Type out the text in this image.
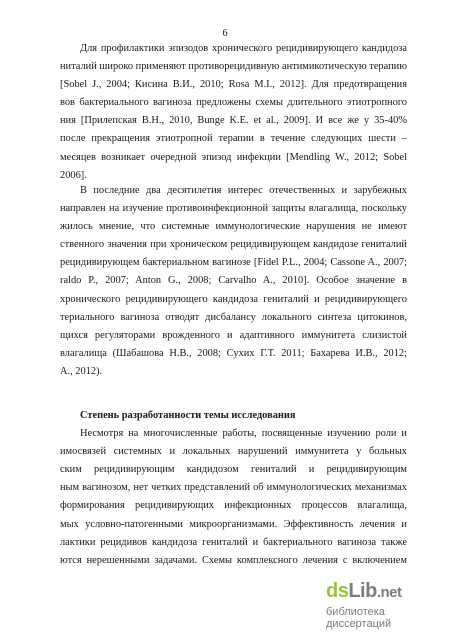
6
Для профилактики эпизодов хронического рецидивирующего кандидоза
ниталий широко применяют противорецидивную антимикотическую терапию
[Sobel J., 2004; Кисина В.И., 2010; Rosa M.I., 2012]. Для предотвращения
вов бактериального вагиноза предложены схемы длительного этиотропного
ния [Прилепская В.Н., 2010, Bunge K.E. et al., 2009]. И все же у 35-40%
после прекращения этиотропной терапии в течение следующих шести –
месяцев возникает очередной эпизод инфекции [Mendling W., 2012; Sobel
2006].
В последние два десятилетия интерес отечественных и зарубежных
направлен на изучение противоинфекционной защиты влагалища, поскольку
жилось мнение, что системные иммунологические нарушения не имеют
ственного значения при хроническом рецидивирующем кандидозе гениталий
рецидивирующем бактериальном вагинозе [Fidel P.L., 2004; Cassone A., 2007;
raldo P., 2007; Anton G., 2008; Carvalho A., 2010]. Особое значение в
хронического рецидивирующего кандидоза гениталий и рецидивирующего
териального вагиноза отводят дисбалансу локального синтеза цитокинов,
щихся регуляторами врожденного и адаптивного иммунитета слизистой
влагалища (Шабашова Н.В., 2008; Сухих Г.Т. 2011; Бахарева И.В., 2012;
A., 2012).
Степень разработанности темы исследования
Несмотря на многочисленные работы, посвященные изучению роли и
имосвязей системных и локальных нарушений иммунитета у больных
ским рецидивирующим кандидозом гениталий и рецидивирующим
ным вагинозом, нет четких представлений об иммунологических механизмах
формирования рецидивирующих инфекционных процессов влагалища,
мых условно-патогенными микроорганизмами. Эффективность лечения и
лактики рецидивов кандидоза гениталий и бактериального вагиноза также
ются нерешенными задачами. Схемы комплексного лечения с включением
dsLib.net
библиотека диссертаций
